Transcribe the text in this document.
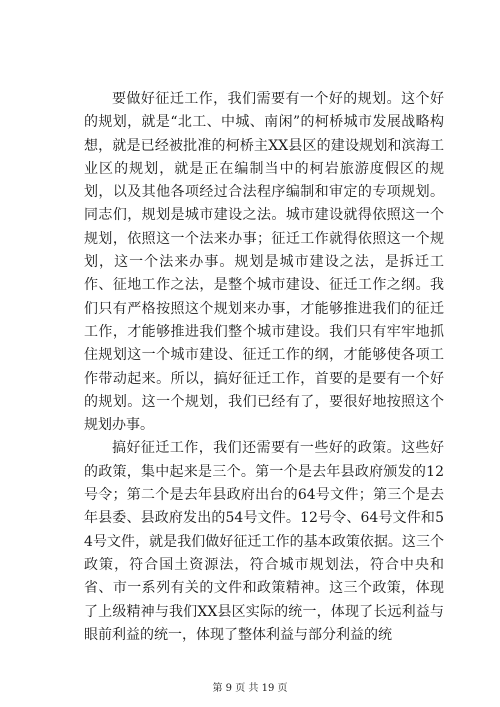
要做好征迁工作，我们需要有一个好的规划。这个好的规划，就是“北工、中城、南闲”的柯桥城市发展战略构想，就是已经被批准的柯桥主XX县区的建设规划和滨海工业区的规划，就是正在编制当中的柯岩旅游度假区的规划，以及其他各项经过合法程序编制和审定的专项规划。同志们，规划是城市建设之法。城市建设就得依照这一个规划，依照这一个法来办事；征迁工作就得依照这一个规划，这一个法来办事。规划是城市建设之法，是拆迁工作、征地工作之法，是整个城市建设、征迁工作之纲。我们只有严格按照这个规划来办事，才能够推进我们的征迁工作，才能够推进我们整个城市建设。我们只有牢牢地抓住规划这一个城市建设、征迁工作的纲，才能够使各项工作带动起来。所以，搞好征迁工作，首要的是要有一个好的规划。这一个规划，我们已经有了，要很好地按照这个规划办事。

搞好征迁工作，我们还需要有一些好的政策。这些好的政策，集中起来是三个。第一个是去年县政府颁发的12号令；第二个是去年县政府出台的64号文件；第三个是去年县委、县政府发出的54号文件。12号令、64号文件和54号文件，就是我们做好征迁工作的基本政策依据。这三个政策，符合国土资源法，符合城市规划法，符合中央和省、市一系列有关的文件和政策精神。这三个政策，体现了上级精神与我们XX县区实际的统一，体现了长远利益与眼前利益的统一，体现了整体利益与部分利益的统

第 9 页 共 19 页
